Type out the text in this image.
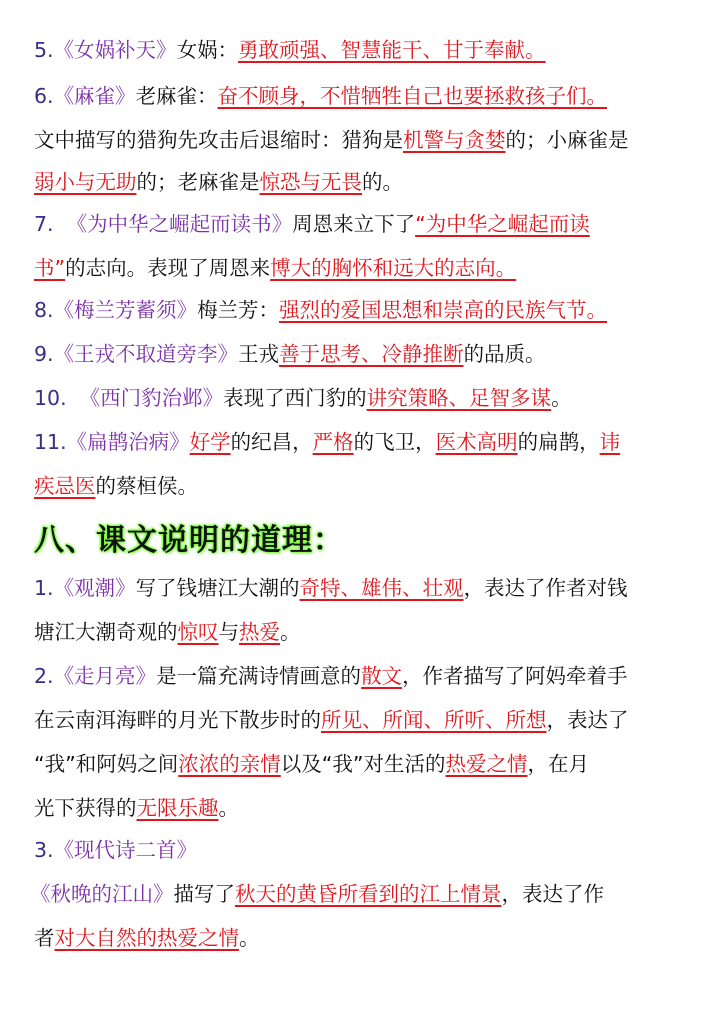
5.《女娲补天》女娲：勇敢顽强、智慧能干、甘于奉献。
6.《麻雀》老麻雀：奋不顾身，不惜牺牲自己也要拯救孩子们。
文中描写的猎狗先攻击后退缩时：猎狗是机警与贪婪的；小麻雀是
弱小与无助的；老麻雀是惊恐与无畏的。
7. 《为中华之崛起而读书》周恩来立下了“为中华之崛起而读
书”的志向。表现了周恩来博大的胸怀和远大的志向。
8.《梅兰芳蓄须》梅兰芳：强烈的爱国思想和崇高的民族气节。
9.《王戎不取道旁李》王戎善于思考、冷静推断的品质。
10. 《西门豹治邺》表现了西门豹的讲究策略、足智多谋。
11.《扁鹊治病》好学的纪昌，严格的飞卫，医术高明的扁鹊，讳
疾忌医的蔡桓侯。
八、课文说明的道理：
1.《观潮》写了钱塘江大潮的奇特、雄伟、壮观，表达了作者对钱
塘江大潮奇观的惊叹与热爱。
2.《走月亮》是一篇充满诗情画意的散文，作者描写了阿妈牵着手
在云南洱海畔的月光下散步时的所见、所闻、所听、所想，表达了
“我”和阿妈之间浓浓的亲情以及“我”对生活的热爱之情，在月
光下获得的无限乐趣。
3.《现代诗二首》
《秋晚的江山》描写了秋天的黄昏所看到的江上情景，表达了作
者对大自然的热爱之情。
